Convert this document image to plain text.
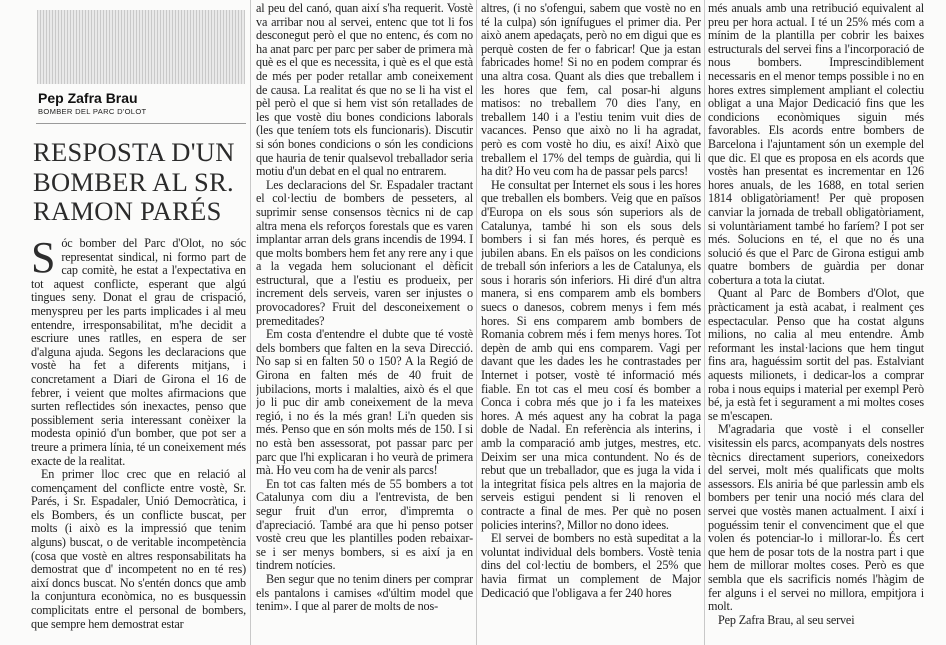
Pep Zafra Brau
BOMBER DEL PARC D'OLOT
RESPOSTA D'UN BOMBER AL SR. RAMON PARÉS

Sóc bomber del Parc d'Olot, no sóc representat sindical, ni formo part de cap comitè, he estat a l'expectativa en tot aquest conflicte, esperant que algú tingues seny. Donat el grau de crispació, menyspreu per les parts implicades i al meu entendre, irresponsabilitat, m'he decidit a escriure unes ratlles, en espera de ser d'alguna ajuda. Segons les declaracions que vostè ha fet a diferents mitjans, i concretament a Diari de Girona el 16 de febrer, i veient que moltes afirmacions que surten reflectides són inexactes, penso que possiblement seria interessant conèixer la modesta opinió d'un bomber, que pot ser a treure a primera línia, té un coneixement més exacte de la realitat.

En primer lloc crec que en relació al començament del conflicte entre vostè, Sr. Parés, i Sr. Espadaler, Unió Democràtica, i els Bombers, és un conflicte buscat, per molts (i això es la impressió que tenim alguns) buscat, o de veritable incompetència (cosa que vostè en altres responsabilitats ha demostrat que d' incompetent no en té res) així doncs buscat. No s'entén doncs que amb la conjuntura econòmica, no es busquessin complicitats entre el personal de bombers, que sempre hem demostrat estar

al peu del canó, quan així s'ha requerit. Vostè va arribar nou al servei, entenc que tot li fos desconegut però el que no entenc, és com no ha anat parc per parc per saber de primera mà què es el que es necessita, i què es el que està de més per poder retallar amb coneixement de causa. La realitat és que no se li ha vist el pèl però el que si hem vist són retallades de les que vostè diu bones condicions laborals (les que teníem tots els funcionaris). Discutir si són bones condicions o són les condicions que hauria de tenir qualsevol treballador seria motiu d'un debat en el qual no entrarem.

Les declaracions del Sr. Espadaler tractant el col·lectiu de bombers de pesseters, al suprimir sense consensos tècnics ni de cap altra mena els reforços forestals que es varen implantar arran dels grans incendis de 1994. I que molts bombers hem fet any rere any i que a la vegada hem solucionant el dèficit estructural, que a l'estiu es produeix, per increment dels serveis, varen ser injustes o provocadores? Fruit del desconeixement o premeditades?

Em costa d'entendre el dubte que té vostè dels bombers que falten en la seva Direcció. No sap si en falten 50 o 150? A la Regió de Girona en falten més de 40 fruit de jubilacions, morts i malalties, això és el que jo li puc dir amb coneixement de la meva regió, i no és la més gran! Li'n queden sis més. Penso que en són molts més de 150. I si no està ben assessorat, pot passar parc per parc que l'hi explicaran i ho veurà de primera mà. Ho veu com ha de venir als parcs!

En tot cas falten més de 55 bombers a tot Catalunya com diu a l'entrevista, de ben segur fruit d'un error, d'impremta o d'apreciació. També ara que hi penso potser vostè creu que les plantilles poden rebaixar-se i ser menys bombers, si es així ja en tindrem notícies.

Ben segur que no tenim diners per comprar els pantalons i camises «d'últim model que tenim». I que al parer de molts de nos-

altres, (i no s'ofengui, sabem que vostè no en té la culpa) són ignífugues el primer dia. Per això anem apedaçats, però no em digui que es perquè costen de fer o fabricar! Que ja estan fabricades home! Si no en podem comprar és una altra cosa. Quant als dies que treballem i les hores que fem, cal posar-hi alguns matisos: no treballem 70 dies l'any, en treballem 140 i a l'estiu tenim vuit dies de vacances. Penso que això no li ha agradat, però es com vostè ho diu, es així! Això que treballem el 17% del temps de guàrdia, qui li ha dit? Ho veu com ha de passar pels parcs!

He consultat per Internet els sous i les hores que treballen els bombers. Veig que en països d'Europa on els sous són superiors als de Catalunya, també hi son els sous dels bombers i si fan més hores, és perquè es jubilen abans. En els països on les condicions de treball són inferiors a les de Catalunya, els sous i horaris són inferiors. Hi diré d'un altra manera, si ens comparem amb els bombers suecs o danesos, cobrem menys i fem més hores. Si ens comparem amb bombers de Romania cobrem més i fem menys hores. Tot depèn de amb qui ens comparem. Vagi per davant que les dades les he contrastades per Internet i potser, vostè té informació més fiable. En tot cas el meu cosí és bomber a Conca i cobra més que jo i fa les mateixes hores. A més aquest any ha cobrat la paga doble de Nadal. En referència als interins, i amb la comparació amb jutges, mestres, etc. Deixim ser una mica contundent. No és de rebut que un treballador, que es juga la vida i la integritat física pels altres en la majoria de serveis estigui pendent si li renoven el contracte a final de mes. Per què no posen policies interins?, Millor no dono idees.

El servei de bombers no està supeditat a la voluntat individual dels bombers. Vostè tenia dins del col·lectiu de bombers, el 25% que havia firmat un complement de Major Dedicació que l'obligava a fer 240 hores

més anuals amb una retribució equivalent al preu per hora actual. I té un 25% més com a mínim de la plantilla per cobrir les baixes estructurals del servei fins a l'incorporació de nous bombers. Imprescindiblement necessaris en el menor temps possible i no en hores extres simplement ampliant el colectiu obligat a una Major Dedicació fins que les condicions econòmiques siguin més favorables. Els acords entre bombers de Barcelona i l'ajuntament són un exemple del que dic. El que es proposa en els acords que vostès han presentat es incrementar en 126 hores anuals, de les 1688, en total serien 1814 obligatòriament! Per què proposen canviar la jornada de treball obligatòriament, si voluntàriament també ho faríem? I pot ser més. Solucions en té, el que no és una solució és que el Parc de Girona estigui amb quatre bombers de guàrdia per donar cobertura a tota la ciutat.

Quant al Parc de Bombers d'Olot, que pràcticament ja està acabat, i realment çes espectacular. Penso que ha costat alguns milions, no calia al meu entendre. Amb reformant les instal·lacions que hem tingut fins ara, haguéssim sortit del pas. Estalviant aquests milionets, i dedicar-los a comprar roba i nous equips i material per exempl Però bé, ja està fet i segurament a mi moltes coses se m'escapen.

M'agradaria que vostè i el conseller visitessin els parcs, acompanyats dels nostres tècnics directament superiors, coneixedors del servei, molt més qualificats que molts assessors. Els aniria bé que parlessin amb els bombers per tenir una noció més clara del servei que vostès manen actualment. I així i poguéssim tenir el convenciment que el que volen és potenciar-lo i millorar-lo. És cert que hem de posar tots de la nostra part i que hem de millorar moltes coses. Però es que sembla que els sacrificis només l'hàgim de fer alguns i el servei no millora, empitjora i molt.

Pep Zafra Brau, al seu servei
